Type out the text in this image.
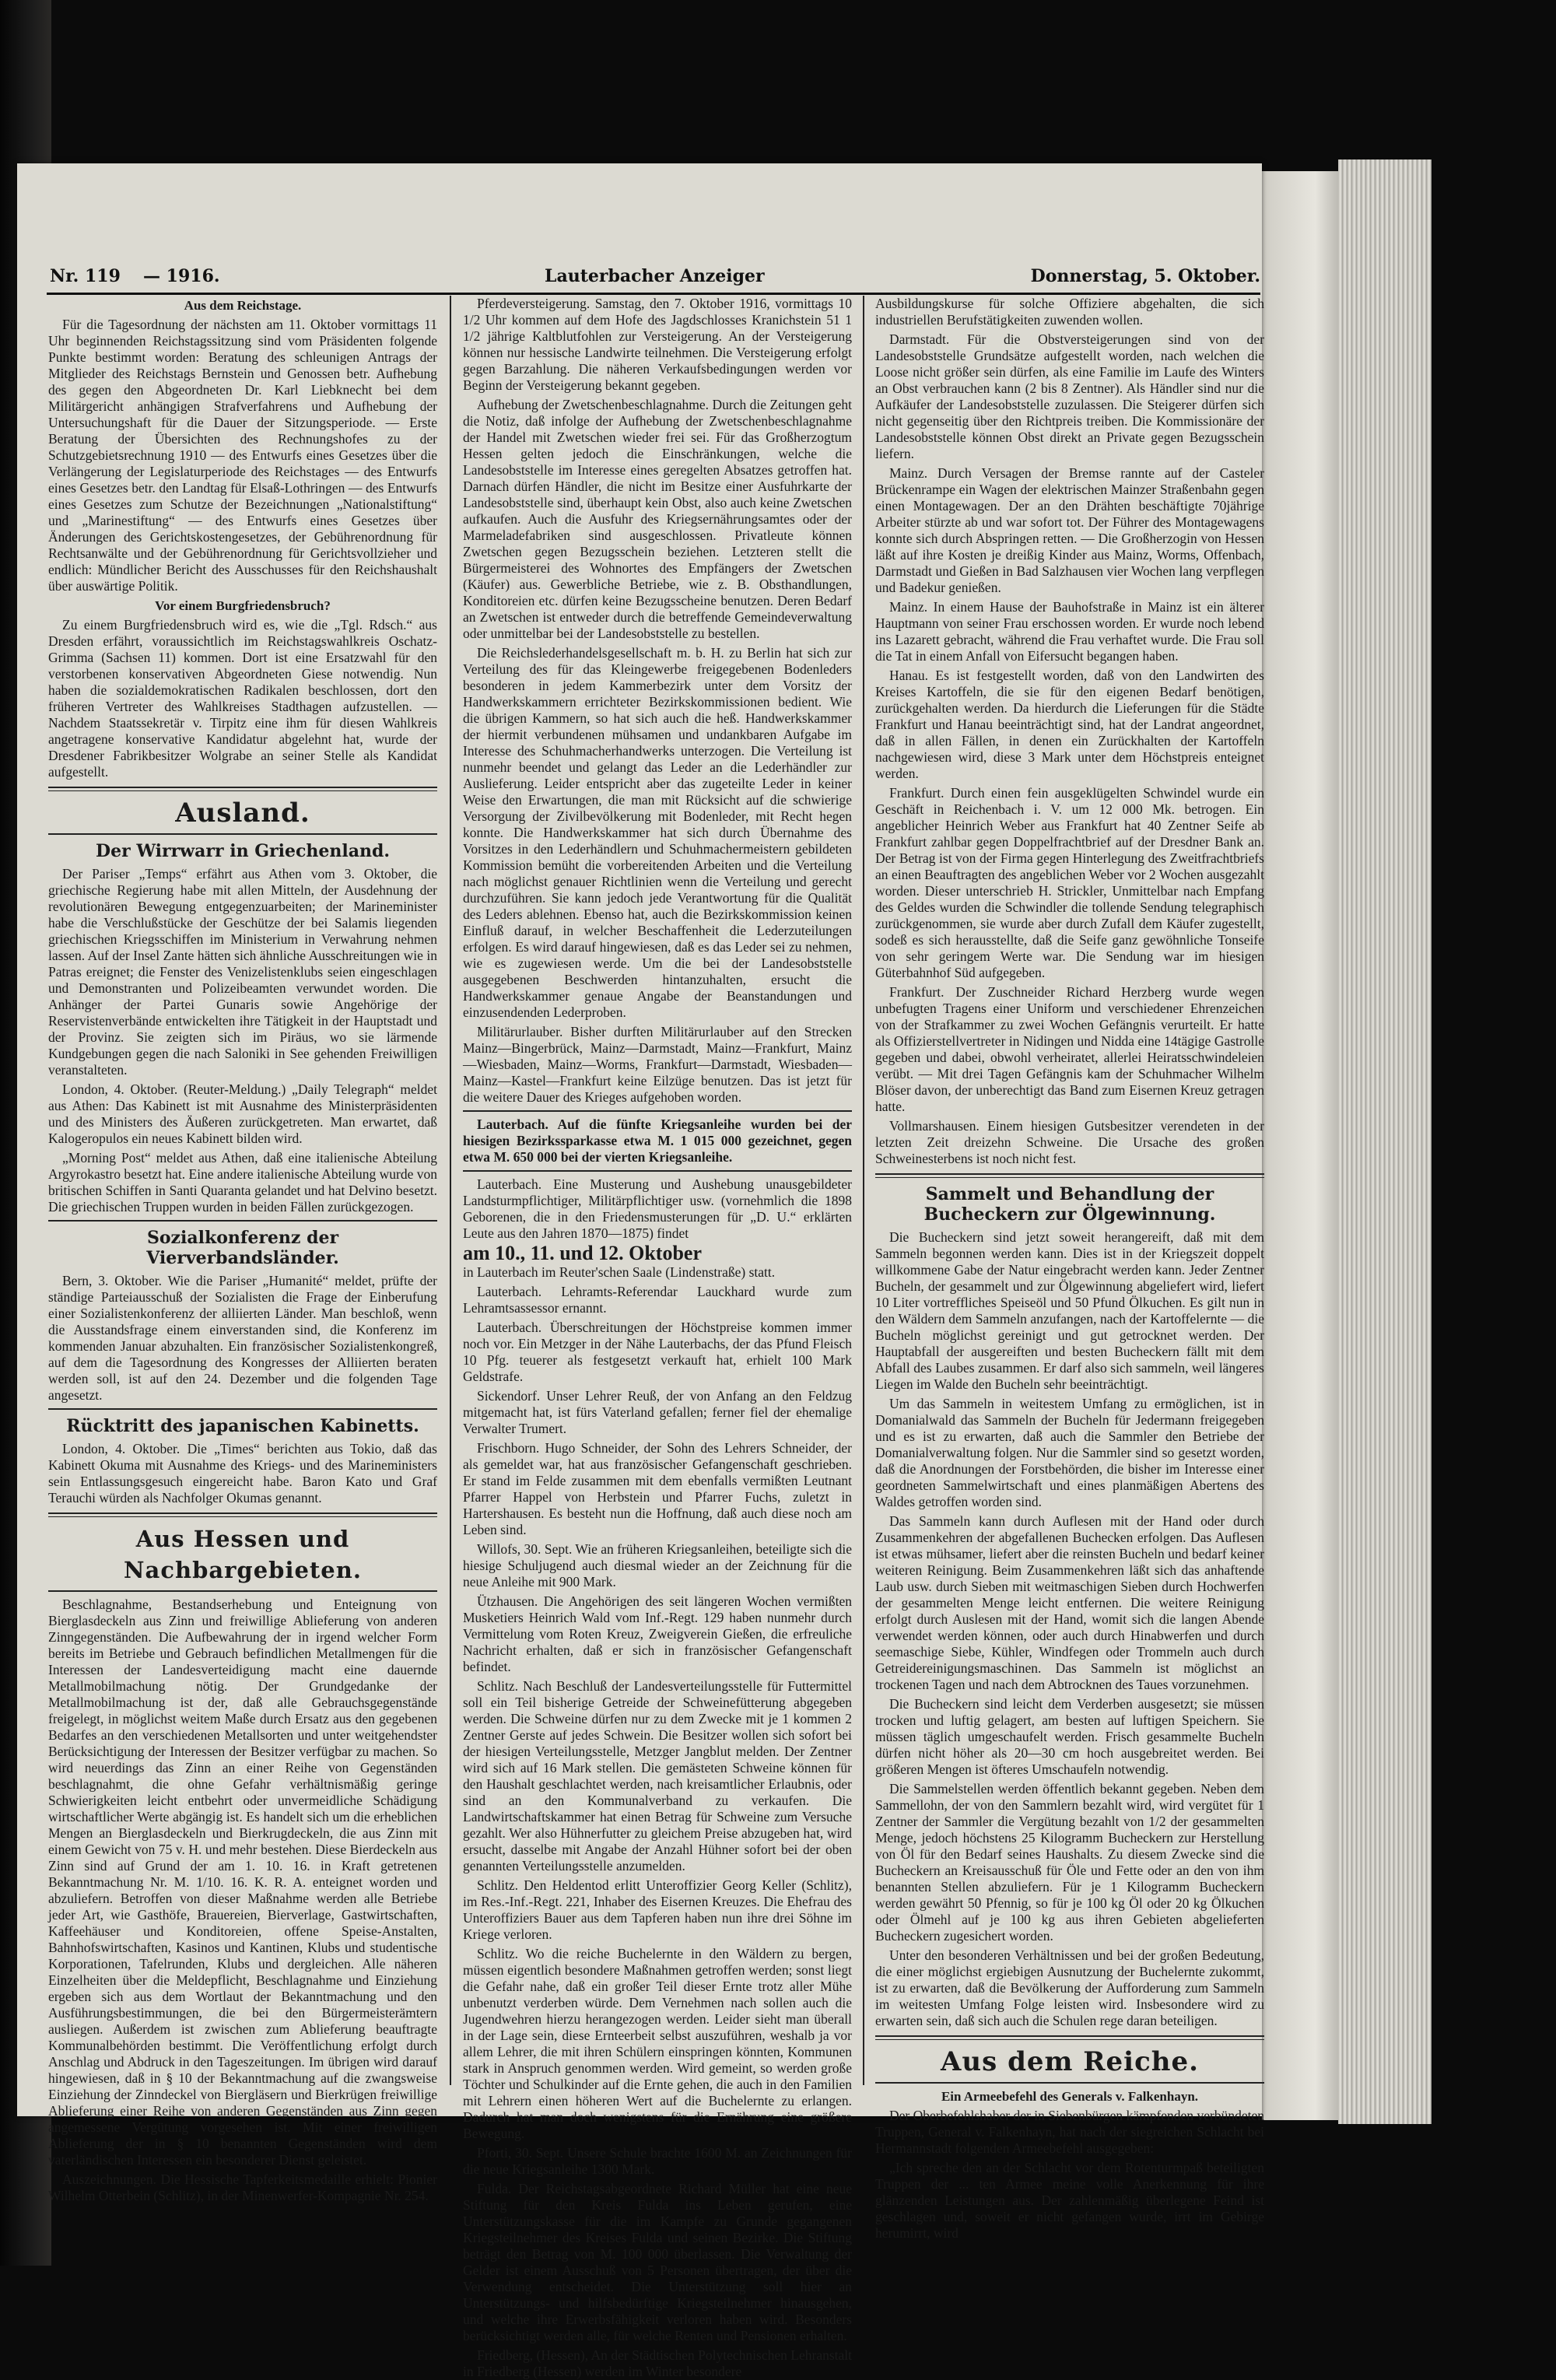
Nr. 119 — 1916.	Lauterbacher Anzeiger	Donnerstag, 5. Oktober.

Aus dem Reichstage.

Für die Tagesordnung der nächsten am 11. Oktober vormittags 11 Uhr beginnenden Reichstagssitzung sind vom Präsidenten folgende Punkte bestimmt worden: Beratung des schleunigen Antrags der Mitglieder des Reichstags Bernstein und Genossen betr. Aufhebung des gegen den Abgeordneten Dr. Karl Liebknecht bei dem Militärgericht anhängigen Strafverfahrens und Aufhebung der Untersuchungshaft für die Dauer der Sitzungsperiode. — Erste Beratung der Übersichten des Rechnungshofes zu der Schutzgebietsrechnung 1910 — des Entwurfs eines Gesetzes über die Verlängerung der Legislaturperiode des Reichstages — des Entwurfs eines Gesetzes betr. den Landtag für Elsaß-Lothringen — des Entwurfs eines Gesetzes zum Schutze der Bezeichnungen „Nationalstiftung“ und „Marinestiftung“ — des Entwurfs eines Gesetzes über Änderungen des Gerichtskostengesetzes, der Gebührenordnung für Rechtsanwälte und der Gebührenordnung für Gerichtsvollzieher und endlich: Mündlicher Bericht des Ausschusses für den Reichshaushalt über auswärtige Politik.

Vor einem Burgfriedensbruch?

Zu einem Burgfriedensbruch wird es, wie die „Tgl. Rdsch.“ aus Dresden erfährt, voraussichtlich im Reichstagswahlkreis Oschatz-Grimma (Sachsen 11) kommen. Dort ist eine Ersatzwahl für den verstorbenen konservativen Abgeordneten Giese notwendig. Nun haben die sozialdemokratischen Radikalen beschlossen, dort den früheren Vertreter des Wahlkreises Stadthagen aufzustellen. — Nachdem Staatssekretär v. Tirpitz eine ihm für diesen Wahlkreis angetragene konservative Kandidatur abgelehnt hat, wurde der Dresdener Fabrikbesitzer Wolgrabe an seiner Stelle als Kandidat aufgestellt.

Ausland.

Der Wirrwarr in Griechenland.

Der Pariser „Temps“ erfährt aus Athen vom 3. Oktober, die griechische Regierung habe mit allen Mitteln, der Ausdehnung der revolutionären Bewegung entgegenzuarbeiten; der Marineminister habe die Verschlußstücke der Geschütze der bei Salamis liegenden griechischen Kriegsschiffen im Ministerium in Verwahrung nehmen lassen. Auf der Insel Zante hätten sich ähnliche Ausschreitungen wie in Patras ereignet; die Fenster des Venizelistenklubs seien eingeschlagen und Demonstranten und Polizeibeamten verwundet worden. Die Anhänger der Partei Gunaris sowie Angehörige der Reservistenverbände entwickelten ihre Tätigkeit in der Hauptstadt und der Provinz. Sie zeigten sich im Piräus, wo sie lärmende Kundgebungen gegen die nach Saloniki in See gehenden Freiwilligen veranstalteten.

London, 4. Oktober. (Reuter-Meldung.) „Daily Telegraph“ meldet aus Athen: Das Kabinett ist mit Ausnahme des Ministerpräsidenten und des Ministers des Äußeren zurückgetreten. Man erwartet, daß Kalogeropulos ein neues Kabinett bilden wird.

„Morning Post“ meldet aus Athen, daß eine italienische Abteilung Argyrokastro besetzt hat. Eine andere italienische Abteilung wurde von britischen Schiffen in Santi Quaranta gelandet und hat Delvino besetzt. Die griechischen Truppen wurden in beiden Fällen zurückgezogen.

Sozialkonferenz der Vierverbandsländer.

Bern, 3. Oktober. Wie die Pariser „Humanité“ meldet, prüfte der ständige Parteiausschuß der Sozialisten die Frage der Einberufung einer Sozialistenkonferenz der alliierten Länder. Man beschloß, wenn die Ausstandsfrage einem einverstanden sind, die Konferenz im kommenden Januar abzuhalten. Ein französischer Sozialistenkongreß, auf dem die Tagesordnung des Kongresses der Alliierten beraten werden soll, ist auf den 24. Dezember und die folgenden Tage angesetzt.

Rücktritt des japanischen Kabinetts.

London, 4. Oktober. Die „Times“ berichten aus Tokio, daß das Kabinett Okuma mit Ausnahme des Kriegs- und des Marineministers sein Entlassungsgesuch eingereicht habe. Baron Kato und Graf Terauchi würden als Nachfolger Okumas genannt.

Aus Hessen und Nachbargebieten.

Beschlagnahme, Bestandserhebung und Enteignung von Bierglasdeckeln aus Zinn und freiwillige Ablieferung von anderen Zinngegenständen. Die Aufbewahrung der in irgend welcher Form bereits im Betriebe und Gebrauch befindlichen Metallmengen für die Interessen der Landesverteidigung macht eine dauernde Metallmobilmachung nötig. Der Grundgedanke der Metallmobilmachung ist der, daß alle Gebrauchsgegenstände freigelegt, in möglichst weitem Maße durch Ersatz aus den gegebenen Bedarfes an den verschiedenen Metallsorten und unter weitgehendster Berücksichtigung der Interessen der Besitzer verfügbar zu machen. So wird neuerdings das Zinn an einer Reihe von Gegenständen beschlagnahmt, die ohne Gefahr verhältnismäßig geringe Schwierigkeiten leicht entbehrt oder unvermeidliche Schädigung wirtschaftlicher Werte abgängig ist. Es handelt sich um die erheblichen Mengen an Bierglasdeckeln und Bierkrugdeckeln, die aus Zinn mit einem Gewicht von 75 v. H. und mehr bestehen. Diese Bierdeckeln aus Zinn sind auf Grund der am 1. 10. 16. in Kraft getretenen Bekanntmachung Nr. M. 1/10. 16. K. R. A. enteignet worden und abzuliefern. Betroffen von dieser Maßnahme werden alle Betriebe jeder Art, wie Gasthöfe, Brauereien, Bierverlage, Gastwirtschaften, Kaffeehäuser und Konditoreien, offene Speise-Anstalten, Bahnhofswirtschaften, Kasinos und Kantinen, Klubs und studentische Korporationen, Tafelrunden, Klubs und dergleichen. Alle näheren Einzelheiten über die Meldepflicht, Beschlagnahme und Einziehung ergeben sich aus dem Wortlaut der Bekanntmachung und den Ausführungsbestimmungen, die bei den Bürgermeisterämtern ausliegen. Außerdem ist zwischen zum Ablieferung beauftragte Kommunalbehörden bestimmt. Die Veröffentlichung erfolgt durch Anschlag und Abdruck in den Tageszeitungen. Im übrigen wird darauf hingewiesen, daß in § 10 der Bekanntmachung auf die zwangsweise Einziehung der Zinndeckel von Biergläsern und Bierkrügen freiwillige Ablieferung einer Reihe von anderen Gegenständen aus Zinn gegen angemessene Vergütung vorgesehen ist. Mit einer freiwilligen Ablieferung der in § 10 benannten Gegenständen wird dem vaterländischen Interessen ein besonderer Dienst geleistet.

Auszeichnungen. Die Hessische Tapferkeitsmedaille erhielt: Pionier Wilhelm Otterbein (Schlitz), in der Minenwerfer-Kompagnie Nr. 254.

Pferdeversteigerung. Samstag, den 7. Oktober 1916, vormittags 10 1/2 Uhr kommen auf dem Hofe des Jagdschlosses Kranichstein 51 1 1/2 jährige Kaltblutfohlen zur Versteigerung. An der Versteigerung können nur hessische Landwirte teilnehmen. Die Versteigerung erfolgt gegen Barzahlung. Die näheren Verkaufsbedingungen werden vor Beginn der Versteigerung bekannt gegeben.

Aufhebung der Zwetschenbeschlagnahme. Durch die Zeitungen geht die Notiz, daß infolge der Aufhebung der Zwetschenbeschlagnahme der Handel mit Zwetschen wieder frei sei. Für das Großherzogtum Hessen gelten jedoch die Einschränkungen, welche die Landesobststelle im Interesse eines geregelten Absatzes getroffen hat. Darnach dürfen Händler, die nicht im Besitze einer Ausfuhrkarte der Landesobststelle sind, überhaupt kein Obst, also auch keine Zwetschen aufkaufen. Auch die Ausfuhr des Kriegsernährungsamtes oder der Marmeladefabriken sind ausgeschlossen. Privatleute können Zwetschen gegen Bezugsschein beziehen. Letzteren stellt die Bürgermeisterei des Wohnortes des Empfängers der Zwetschen (Käufer) aus. Gewerbliche Betriebe, wie z. B. Obsthandlungen, Konditoreien etc. dürfen keine Bezugsscheine benutzen. Deren Bedarf an Zwetschen ist entweder durch die betreffende Gemeindeverwaltung oder unmittelbar bei der Landesobststelle zu bestellen.

Die Reichslederhandelsgesellschaft m. b. H. zu Berlin hat sich zur Verteilung des für das Kleingewerbe freigegebenen Bodenleders besonderen in jedem Kammerbezirk unter dem Vorsitz der Handwerkskammern errichteter Bezirkskommissionen bedient. Wie die übrigen Kammern, so hat sich auch die heß. Handwerkskammer der hiermit verbundenen mühsamen und undankbaren Aufgabe im Interesse des Schuhmacherhandwerks unterzogen. Die Verteilung ist nunmehr beendet und gelangt das Leder an die Lederhändler zur Auslieferung. Leider entspricht aber das zugeteilte Leder in keiner Weise den Erwartungen, die man mit Rücksicht auf die schwierige Versorgung der Zivilbevölkerung mit Bodenleder, mit Recht hegen konnte. Die Handwerkskammer hat sich durch Übernahme des Vorsitzes in den Lederhändlern und Schuhmachermeistern gebildeten Kommission bemüht die vorbereitenden Arbeiten und die Verteilung nach möglichst genauer Richtlinien wenn die Verteilung und gerecht durchzuführen. Sie kann jedoch jede Verantwortung für die Qualität des Leders ablehnen. Ebenso hat, auch die Bezirkskommission keinen Einfluß darauf, in welcher Beschaffenheit die Lederzuteilungen erfolgen. Es wird darauf hingewiesen, daß es das Leder sei zu nehmen, wie es zugewiesen werde. Um die bei der Landesobststelle ausgegebenen Beschwerden hintanzuhalten, ersucht die Handwerkskammer genaue Angabe der Beanstandungen und einzusendenden Lederproben.

Militärurlauber. Bisher durften Militärurlauber auf den Strecken Mainz—Bingerbrück, Mainz—Darmstadt, Mainz—Frankfurt, Mainz—Wiesbaden, Mainz—Worms, Frankfurt—Darmstadt, Wiesbaden—Mainz—Kastel—Frankfurt keine Eilzüge benutzen. Das ist jetzt für die weitere Dauer des Krieges aufgehoben worden.

Lauterbach. Auf die fünfte Kriegsanleihe wurden bei der hiesigen Bezirkssparkasse etwa M. 1 015 000 gezeichnet, gegen etwa M. 650 000 bei der vierten Kriegsanleihe.

Lauterbach. Eine Musterung und Aushebung unausgebildeter Landsturmpflichtiger, Militärpflichtiger usw. (vornehmlich die 1898 Geborenen, die in den Friedensmusterungen für „D. U.“ erklärten Leute aus den Jahren 1870—1875) findet

am 10., 11. und 12. Oktober

in Lauterbach im Reuter'schen Saale (Lindenstraße) statt.

Lauterbach. Lehramts-Referendar Lauckhard wurde zum Lehramtsassessor ernannt.

Lauterbach. Überschreitungen der Höchstpreise kommen immer noch vor. Ein Metzger in der Nähe Lauterbachs, der das Pfund Fleisch 10 Pfg. teuerer als festgesetzt verkauft hat, erhielt 100 Mark Geldstrafe.

Sickendorf. Unser Lehrer Reuß, der von Anfang an den Feldzug mitgemacht hat, ist fürs Vaterland gefallen; ferner fiel der ehemalige Verwalter Trumert.

Frischborn. Hugo Schneider, der Sohn des Lehrers Schneider, der als gemeldet war, hat aus französischer Gefangenschaft geschrieben. Er stand im Felde zusammen mit dem ebenfalls vermißten Leutnant Pfarrer Happel von Herbstein und Pfarrer Fuchs, zuletzt in Hartershausen. Es besteht nun die Hoffnung, daß auch diese noch am Leben sind.

Willofs, 30. Sept. Wie an früheren Kriegsanleihen, beteiligte sich die hiesige Schuljugend auch diesmal wieder an der Zeichnung für die neue Anleihe mit 900 Mark.

Ützhausen. Die Angehörigen des seit längeren Wochen vermißten Musketiers Heinrich Wald vom Inf.-Regt. 129 haben nunmehr durch Vermittelung vom Roten Kreuz, Zweigverein Gießen, die erfreuliche Nachricht erhalten, daß er sich in französischer Gefangenschaft befindet.

Schlitz. Nach Beschluß der Landesverteilungsstelle für Futtermittel soll ein Teil bisherige Getreide der Schweinefütterung abgegeben werden. Die Schweine dürfen nur zu dem Zwecke mit je 1 kommen 2 Zentner Gerste auf jedes Schwein. Die Besitzer wollen sich sofort bei der hiesigen Verteilungsstelle, Metzger Jangblut melden. Der Zentner wird sich auf 16 Mark stellen. Die gemästeten Schweine können für den Haushalt geschlachtet werden, nach kreisamtlicher Erlaubnis, oder sind an den Kommunalverband zu verkaufen. Die Landwirtschaftskammer hat einen Betrag für Schweine zum Versuche gezahlt. Wer also Hühnerfutter zu gleichem Preise abzugeben hat, wird ersucht, dasselbe mit Angabe der Anzahl Hühner sofort bei der oben genannten Verteilungsstelle anzumelden.

Schlitz. Den Heldentod erlitt Unteroffizier Georg Keller (Schlitz), im Res.-Inf.-Regt. 221, Inhaber des Eisernen Kreuzes. Die Ehefrau des Unteroffiziers Bauer aus dem Tapferen haben nun ihre drei Söhne im Kriege verloren.

Schlitz. Wo die reiche Buchelernte in den Wäldern zu bergen, müssen eigentlich besondere Maßnahmen getroffen werden; sonst liegt die Gefahr nahe, daß ein großer Teil dieser Ernte trotz aller Mühe unbenutzt verderben würde. Dem Vernehmen nach sollen auch die Jugendwehren hierzu herangezogen werden. Leider sieht man überall in der Lage sein, diese Ernteerbeit selbst auszuführen, weshalb ja vor allem Lehrer, die mit ihren Schülern einspringen könnten, Kommunen stark in Anspruch genommen werden. Wird gemeint, so werden große Töchter und Schulkinder auf die Ernte gehen, die auch in den Familien mit Lehrern einen höheren Wert auf die Buchelernte zu erlangen. Dadurch hat man doch wenigstens für die Ernährung eine größere Bewegung.

Pforti, 30. Sept. Unsere Schule brachte 1600 M. an Zeichnungen für die neue Kriegsanleihe 1300 Mark.

Fulda. Der Reichstagsabgeordnete Richard Müller hat eine neue Stiftung für den Kreis Fulda ins Leben gerufen, eine Unterstützungskasse für die im Kampfe zu Grunde gegangenen Kriegsteilnehmer des Kreises Fulda und seinen Bezirke. Die Stiftung beträgt den Betrag von M. 100 000 überlassen. Die Verwaltung der Gelder ist einem Ausschuß von 5 Personen übertragen, der über die Verwendung entscheidet. Die Unterstützung soll hier an Unterstützungs- und hilfsbedürftige Kriegsteilnehmer hinausgehen, und welche ihre Erwerbsfähigkeit verloren haben wird. Besonders berücksichtigt werden alle, für welche Renten und Pensionen erhalten.

Friedberg, (Hessen), An der Städtischen Polytechnischen Lehranstalt in Friedberg (Hessen) werden im Winter besondere

Ausbildungskurse für solche Offiziere abgehalten, die sich industriellen Berufstätigkeiten zuwenden wollen.

Darmstadt. Für die Obstversteigerungen sind von der Landesobststelle Grundsätze aufgestellt worden, nach welchen die Loose nicht größer sein dürfen, als eine Familie im Laufe des Winters an Obst verbrauchen kann (2 bis 8 Zentner). Als Händler sind nur die Aufkäufer der Landesobststelle zuzulassen. Die Steigerer dürfen sich nicht gegenseitig über den Richtpreis treiben. Die Kommissionäre der Landesobststelle können Obst direkt an Private gegen Bezugsschein liefern.

Mainz. Durch Versagen der Bremse rannte auf der Casteler Brückenrampe ein Wagen der elektrischen Mainzer Straßenbahn gegen einen Montagewagen. Der an den Drähten beschäftigte 70jährige Arbeiter stürzte ab und war sofort tot. Der Führer des Montagewagens konnte sich durch Abspringen retten. — Die Großherzogin von Hessen läßt auf ihre Kosten je dreißig Kinder aus Mainz, Worms, Offenbach, Darmstadt und Gießen in Bad Salzhausen vier Wochen lang verpflegen und Badekur genießen.

Mainz. In einem Hause der Bauhofstraße in Mainz ist ein älterer Hauptmann von seiner Frau erschossen worden. Er wurde noch lebend ins Lazarett gebracht, während die Frau verhaftet wurde. Die Frau soll die Tat in einem Anfall von Eifersucht begangen haben.

Hanau. Es ist festgestellt worden, daß von den Landwirten des Kreises Kartoffeln, die sie für den eigenen Bedarf benötigen, zurückgehalten werden. Da hierdurch die Lieferungen für die Städte Frankfurt und Hanau beeinträchtigt sind, hat der Landrat angeordnet, daß in allen Fällen, in denen ein Zurückhalten der Kartoffeln nachgewiesen wird, diese 3 Mark unter dem Höchstpreis enteignet werden.

Frankfurt. Durch einen fein ausgeklügelten Schwindel wurde ein Geschäft in Reichenbach i. V. um 12 000 Mk. betrogen. Ein angeblicher Heinrich Weber aus Frankfurt hat 40 Zentner Seife ab Frankfurt zahlbar gegen Doppelfrachtbrief auf der Dresdner Bank an. Der Betrag ist von der Firma gegen Hinterlegung des Zweitfrachtbriefs an einen Beauftragten des angeblichen Weber vor 2 Wochen ausgezahlt worden. Dieser unterschrieb H. Strickler, Unmittelbar nach Empfang des Geldes wurden die Schwindler die tollende Sendung telegraphisch zurückgenommen, sie wurde aber durch Zufall dem Käufer zugestellt, sodeß es sich herausstellte, daß die Seife ganz gewöhnliche Tonseife von sehr geringem Werte war. Die Sendung war im hiesigen Güterbahnhof Süd aufgegeben.

Frankfurt. Der Zuschneider Richard Herzberg wurde wegen unbefugten Tragens einer Uniform und verschiedener Ehrenzeichen von der Strafkammer zu zwei Wochen Gefängnis verurteilt. Er hatte als Offizierstellvertreter in Nidingen und Nidda eine 14tägige Gastrolle gegeben und dabei, obwohl verheiratet, allerlei Heiratsschwindeleien verübt. — Mit drei Tagen Gefängnis kam der Schuhmacher Wilhelm Blöser davon, der unberechtigt das Band zum Eisernen Kreuz getragen hatte.

Vollmarshausen. Einem hiesigen Gutsbesitzer verendeten in der letzten Zeit dreizehn Schweine. Die Ursache des großen Schweinesterbens ist noch nicht fest.

Sammelt und Behandlung der Bucheckern zur Ölgewinnung.

Die Bucheckern sind jetzt soweit herangereift, daß mit dem Sammeln begonnen werden kann. Dies ist in der Kriegszeit doppelt willkommene Gabe der Natur eingebracht werden kann. Jeder Zentner Bucheln, der gesammelt und zur Ölgewinnung abgeliefert wird, liefert 10 Liter vortreffliches Speiseöl und 50 Pfund Ölkuchen. Es gilt nun in den Wäldern dem Sammeln anzufangen, nach der Kartoffelernte — die Bucheln möglichst gereinigt und gut getrocknet werden. Der Hauptabfall der ausgereiften und besten Bucheckern fällt mit dem Abfall des Laubes zusammen. Er darf also sich sammeln, weil längeres Liegen im Walde den Bucheln sehr beeinträchtigt.

Um das Sammeln in weitestem Umfang zu ermöglichen, ist in Domanialwald das Sammeln der Bucheln für Jedermann freigegeben und es ist zu erwarten, daß auch die Sammler den Betriebe der Domanialverwaltung folgen. Nur die Sammler sind so gesetzt worden, daß die Anordnungen der Forstbehörden, die bisher im Interesse einer geordneten Sammelwirtschaft und eines planmäßigen Abertens des Waldes getroffen worden sind.

Das Sammeln kann durch Auflesen mit der Hand oder durch Zusammenkehren der abgefallenen Buchecken erfolgen. Das Auflesen ist etwas mühsamer, liefert aber die reinsten Bucheln und bedarf keiner weiteren Reinigung. Beim Zusammenkehren läßt sich das anhaftende Laub usw. durch Sieben mit weitmaschigen Sieben durch Hochwerfen der gesammelten Menge leicht entfernen. Die weitere Reinigung erfolgt durch Auslesen mit der Hand, womit sich die langen Abende verwendet werden können, oder auch durch Hinabwerfen und durch seemaschige Siebe, Kühler, Windfegen oder Trommeln auch durch Getreidereinigungsmaschinen. Das Sammeln ist möglichst an trockenen Tagen und nach dem Abtrocknen des Taues vorzunehmen.

Die Bucheckern sind leicht dem Verderben ausgesetzt; sie müssen trocken und luftig gelagert, am besten auf luftigen Speichern. Sie müssen täglich umgeschaufelt werden. Frisch gesammelte Bucheln dürfen nicht höher als 20—30 cm hoch ausgebreitet werden. Bei größeren Mengen ist öfteres Umschaufeln notwendig.

Die Sammelstellen werden öffentlich bekannt gegeben. Neben dem Sammellohn, der von den Sammlern bezahlt wird, wird vergütet für 1 Zentner der Sammler die Vergütung bezahlt von 1/2 der gesammelten Menge, jedoch höchstens 25 Kilogramm Bucheckern zur Herstellung von Öl für den Bedarf seines Haushalts. Zu diesem Zwecke sind die Bucheckern an Kreisausschuß für Öle und Fette oder an den von ihm benannten Stellen abzuliefern. Für je 1 Kilogramm Bucheckern werden gewährt 50 Pfennig, so für je 100 kg Öl oder 20 kg Ölkuchen oder Ölmehl auf je 100 kg aus ihren Gebieten abgelieferten Bucheckern zugesichert worden.

Unter den besonderen Verhältnissen und bei der großen Bedeutung, die einer möglichst ergiebigen Ausnutzung der Buchelernte zukommt, ist zu erwarten, daß die Bevölkerung der Aufforderung zum Sammeln im weitesten Umfang Folge leisten wird. Insbesondere wird zu erwarten sein, daß sich auch die Schulen rege daran beteiligen.

Aus dem Reiche.

Ein Armeebefehl des Generals v. Falkenhayn.

Der Oberbefehlshaber der in Siebenbürgen kämpfenden verbündeten Truppen, General v. Falkenhayn, hat nach der siegreichen Schlacht bei Hermannstadt folgenden Armeebefehl ausgegeben:

„Ich spreche den an der Schlacht vor dem Rotenturmpaß beteiligten Truppen der ... ten Armee meine volle Anerkennung für ihre glänzenden Leistungen aus. Der zahlenmäßig überlegene Feind ist geschlagen und, soweit er nicht gefangen wurde, irrt im Gebirge herumirrt, wird
